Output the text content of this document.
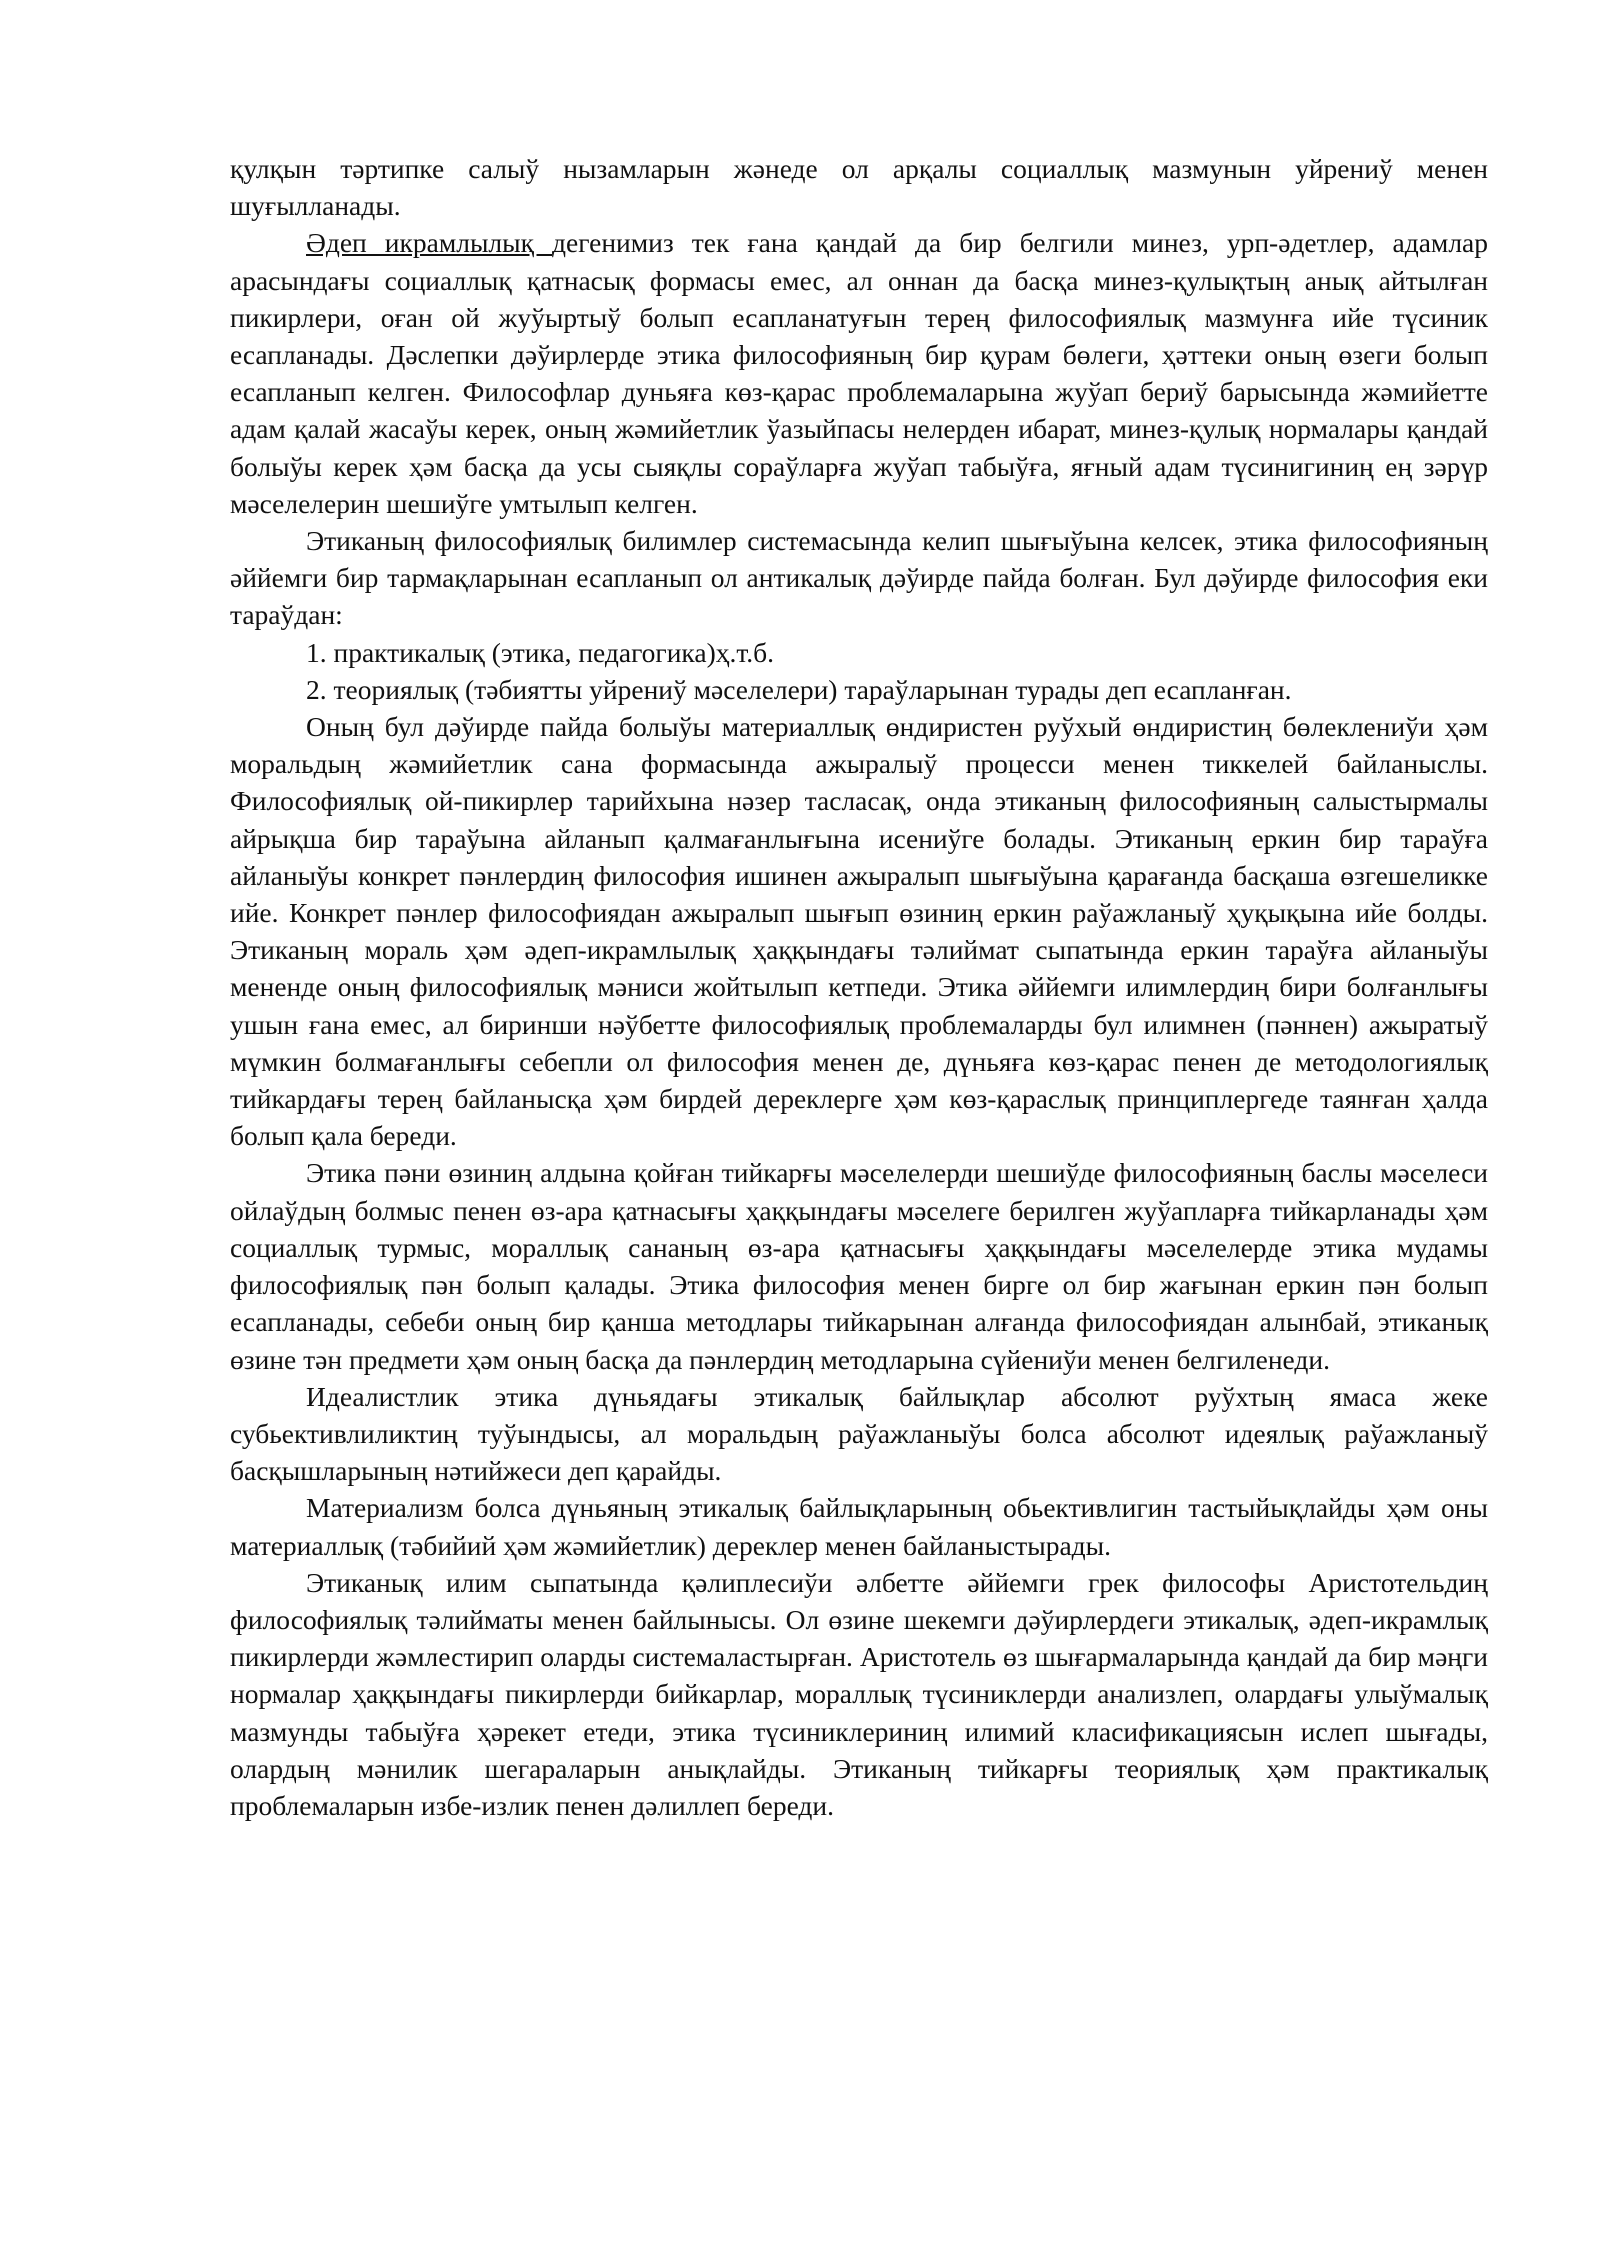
қулқын тәртипке салыў нызамларын жәнеде ол арқалы социаллық мазмунын уйрениў менен шуғылланады.

Әдеп икрамлылық дегенимиз тек ғана қандай да бир белгили минез, урп-әдетлер, адамлар арасындағы социаллық қатнасық формасы емес, ал оннан да басқа минез-қулықтың анық айтылған пикирлери, оған ой жуўыртыў болып есапланатуғын терең философиялық мазмунға ийе түсиник есапланады. Дәслепки дәўирлерде этика философияның бир қурам бөлеги, ҳәттеки оның өзеги болып есапланып келген. Философлар дуньяға көз-қарас проблемаларына жуўап бериў барысында жәмийетте адам қалай жасаўы керек, оның жәмийетлик ўазыйпасы нелерден ибарат, минез-қулық нормалары қандай болыўы керек ҳәм басқа да усы сыяқлы сораўларға жуўап табыўға, яғный адам түсинигиниң ең зәрүр мәселелерин шешиўге умтылып келген.

Этиканың философиялық билимлер системасында келип шығыўына келсек, этика философияның әййемги бир тармақларынан есапланып ол антикалық дәўирде пайда болған. Бул дәўирде философия еки тараўдан:

1. практикалық (этика, педагогика)ҳ.т.б.

2. теориялық (тәбиятты уйрениў мәселелери) тараўларынан турады деп есапланған.

Оның бул дәўирде пайда болыўы материаллық өндиристен руўхый өндиристиң бөлеклениўи ҳәм моральдың жәмийетлик сана формасында ажыралыў процесси менен тиккелей байланыслы. Философиялық ой-пикирлер тарийхына нәзер тасласақ, онда этиканың философияның салыстырмалы айрықша бир тараўына айланып қалмағанлығына исениўге болады. Этиканың еркин бир тараўға айланыўы конкрет пәнлердиң философия ишинен ажыралып шығыўына қарағанда басқаша өзгешеликке ийе. Конкрет пәнлер философиядан ажыралып шығып өзиниң еркин раўажланыў ҳуқықына ийе болды. Этиканың мораль ҳәм әдеп-икрамлылық ҳаққындағы тәлиймат сыпатында еркин тараўға айланыўы мененде оның философиялық мәниси жойтылып кетпеди. Этика әййемги илимлердиң бири болғанлығы ушын ғана емес, ал биринши нәўбетте философиялық проблемаларды бул илимнен (пәннен) ажыратыў мүмкин болмағанлығы себепли ол философия менен де, дүньяға көз-қарас пенен де методологиялық тийкардағы терең байланысқа ҳәм бирдей дереклерге ҳәм көз-қараслық принциплергеде таянған ҳалда болып қала береди.

Этика пәни өзиниң алдына қойған тийкарғы мәселелерди шешиўде философияның баслы мәселеси ойлаўдың болмыс пенен өз-ара қатнасығы ҳаққындағы мәселеге берилген жуўапларға тийкарланады ҳәм социаллық турмыс, мораллық сананың өз-ара қатнасығы ҳаққындағы мәселелерде этика мудамы философиялық пән болып қалады. Этика философия менен бирге ол бир жағынан еркин пән болып есапланады, себеби оның бир қанша методлары тийкарынан алғанда философиядан алынбай, этиканық өзине тән предмети ҳәм оның басқа да пәнлердиң методларына сүйениўи менен белгиленеди.

Идеалистлик этика дүньядағы этикалық байлықлар абсолют руўхтың ямаса жеке субьективлиликтиң туўындысы, ал моральдың раўажланыўы болса абсолют идеялық раўажланыў басқышларының нәтийжеси деп қарайды.

Материализм болса дүньяның этикалық байлықларының обьективлигин тастыйықлайды ҳәм оны материаллық (тәбийий ҳәм жәмийетлик) дереклер менен байланыстырады.

Этиканық илим сыпатында қәлиплесиўи әлбетте әййемги грек философы Аристотельдиң философиялық тәлийматы менен байлыныcы. Ол өзине шекемги дәўирлердеги этикалық, әдеп-икрамлық пикирлерди жәмлестирип оларды системаластырған. Аристотель өз шығармаларында қандай да бир мәңги нормалар ҳаққындағы пикирлерди бийкарлар, мораллық түсиниклерди анализлеп, олардағы улыўмалық мазмунды табыўға ҳәрекет етеди, этика түсиниклериниң илимий класификациясын ислеп шығады, олардың мәнилик шегараларын анықлайды. Этиканың тийкарғы теориялық ҳәм практикалық проблемаларын избе-излик пенен дәлиллеп береди.
